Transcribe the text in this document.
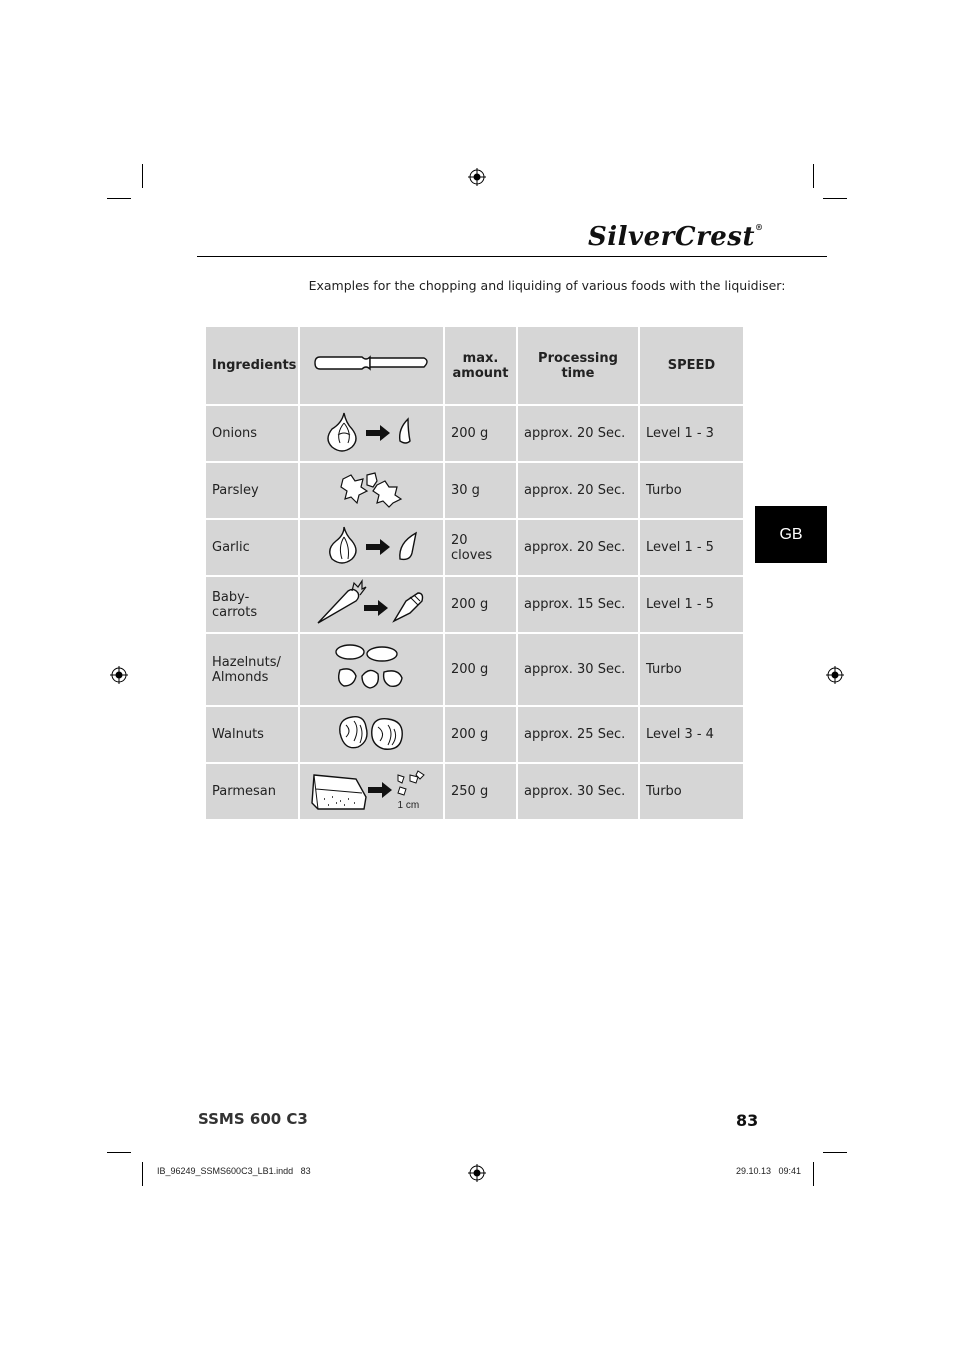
SilverCrest®
Examples for the chopping and liquiding of various foods with the liquidiser:
Ingredients		max. amount	Processing time	SPEED
Onions		200 g	approx. 20 Sec.	Level 1 - 3
Parsley		30 g	approx. 20 Sec.	Turbo
Garlic		20 cloves	approx. 20 Sec.	Level 1 - 5
Baby-carrots		200 g	approx. 15 Sec.	Level 1 - 5
Hazelnuts/ Almonds		200 g	approx. 30 Sec.	Turbo
Walnuts		200 g	approx. 25 Sec.	Level 3 - 4
Parmesan	1 cm	250 g	approx. 30 Sec.	Turbo
GB
SSMS 600 C3	83
IB_96249_SSMS600C3_LB1.indd   83	29.10.13   09:41
